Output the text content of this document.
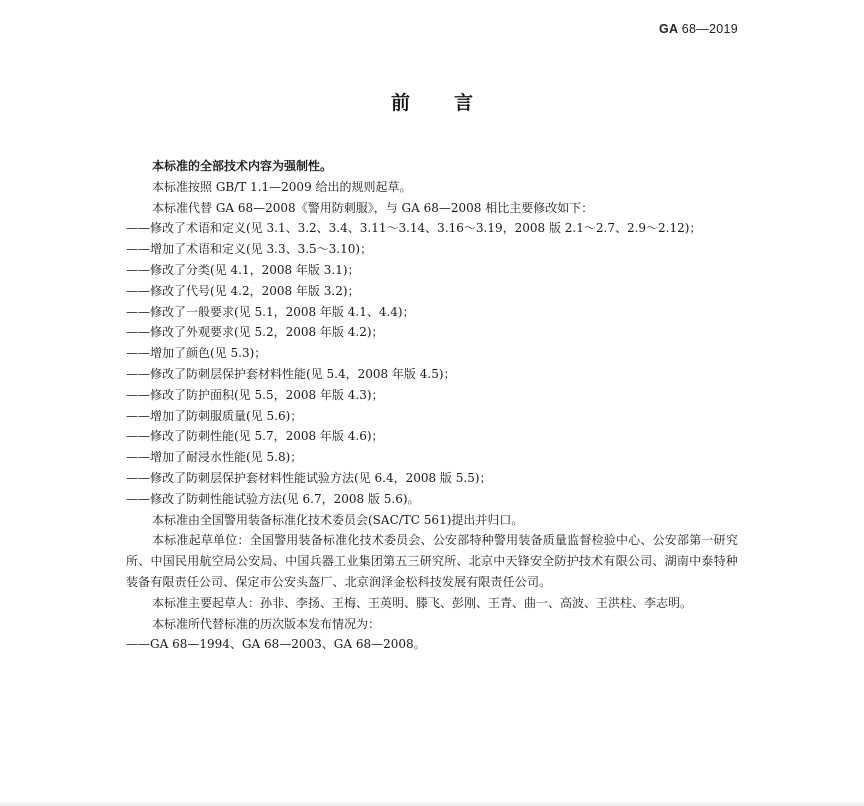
GA 68—2019
前言
本标准的全部技术内容为强制性。
本标准按照 GB/T 1.1—2009 给出的规则起草。
本标准代替 GA 68—2008《警用防刺服》，与 GA 68—2008 相比主要修改如下：
——修改了术语和定义(见 3.1、3.2、3.4、3.11～3.14、3.16～3.19，2008 版 2.1～2.7、2.9～2.12)；
——增加了术语和定义(见 3.3、3.5～3.10)；
——修改了分类(见 4.1，2008 年版 3.1)；
——修改了代号(见 4.2，2008 年版 3.2)；
——修改了一般要求(见 5.1，2008 年版 4.1、4.4)；
——修改了外观要求(见 5.2，2008 年版 4.2)；
——增加了颜色(见 5.3)；
——修改了防刺层保护套材料性能(见 5.4，2008 年版 4.5)；
——修改了防护面积(见 5.5，2008 年版 4.3)；
——增加了防刺服质量(见 5.6)；
——修改了防刺性能(见 5.7，2008 年版 4.6)；
——增加了耐浸水性能(见 5.8)；
——修改了防刺层保护套材料性能试验方法(见 6.4，2008 版 5.5)；
——修改了防刺性能试验方法(见 6.7，2008 版 5.6)。
本标准由全国警用装备标准化技术委员会(SAC/TC 561)提出并归口。
本标准起草单位：全国警用装备标准化技术委员会、公安部特种警用装备质量监督检验中心、公安部第一研究所、中国民用航空局公安局、中国兵器工业集团第五三研究所、北京中天锋安全防护技术有限公司、湖南中泰特种装备有限责任公司、保定市公安头盔厂、北京润泽金松科技发展有限责任公司。
本标准主要起草人：孙非、李扬、王梅、王英明、滕飞、彭刚、王青、曲一、高波、王洪柱、李志明。
本标准所代替标准的历次版本发布情况为：
——GA 68—1994、GA 68—2003、GA 68—2008。
